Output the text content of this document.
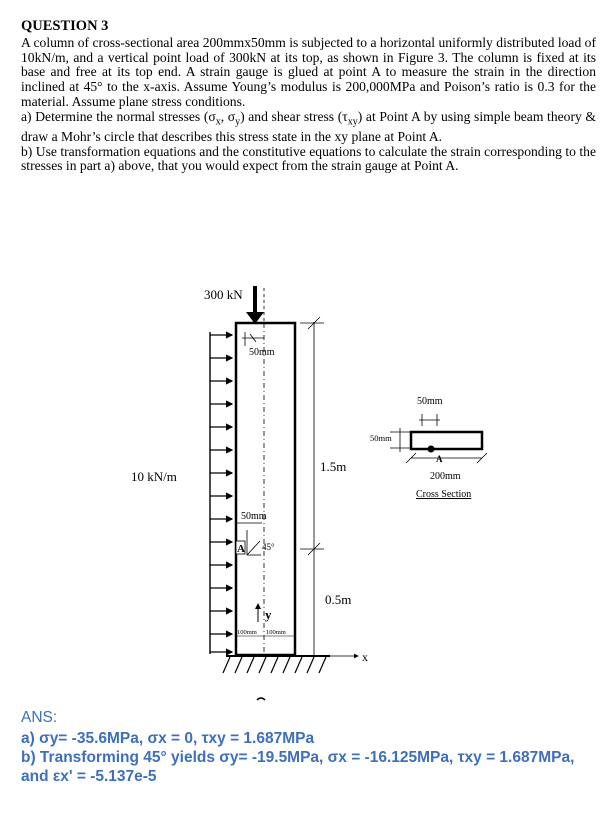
QUESTION 3

A column of cross-sectional area 200mmx50mm is subjected to a horizontal uniformly distributed load of 10kN/m, and a vertical point load of 300kN at its top, as shown in Figure 3. The column is fixed at its base and free at its top end. A strain gauge is glued at point A to measure the strain in the direction inclined at 45° to the x-axis. Assume Young’s modulus is 200,000MPa and Poison’s ratio is 0.3 for the material. Assume plane stress conditions.

a) Determine the normal stresses ($\sigma_x$, $\sigma_y$) and shear stress $(\tau_{xy})$ at Point A by using simple beam theory & draw a Mohr’s circle that describes this stress state in the xy plane at Point A.

b) Use transformation equations and the constitutive equations to calculate the strain corresponding to the stresses in part a) above, that you would expect from the strain gauge at Point A.

300 kN
10 kN/m
50mm
50mm
A 45°
y
100mm 100mm
x
1.5m
0.5m
50mm
50mm
A
200mm
Cross Section
ANS:
a) σy= -35.6MPa, σx = 0, τxy = 1.687MPa
b) Transforming 45° yields σy= -19.5MPa, σx = -16.125MPa, τxy = 1.687MPa,
and εx' = -5.137e-5
